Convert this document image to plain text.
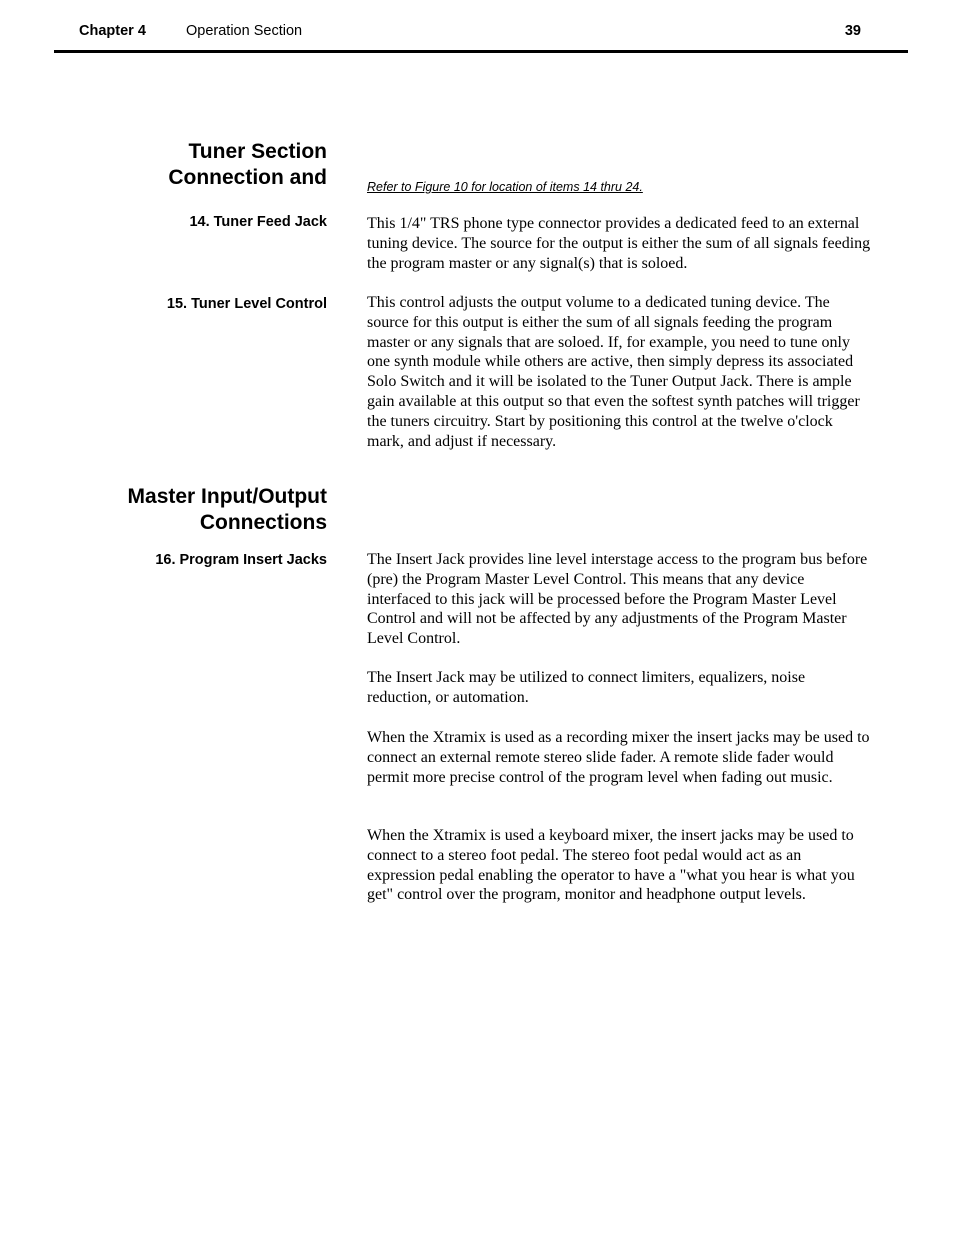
Chapter 4	Operation Section	39
Tuner Section
Connection and	Refer to Figure 10 for location of items 14 thru 24.
14. Tuner Feed Jack	This 1/4" TRS phone type connector provides a dedicated feed to an external tuning device. The source for the output is either the sum of all signals feeding the program master or any signal(s) that is soloed.

15. Tuner Level Control	This control adjusts the output volume to a dedicated tuning device. The source for this output is either the sum of all signals feeding the program master or any signals that are soloed. If, for example, you need to tune only one synth module while others are active, then simply depress its associated Solo Switch and it will be isolated to the Tuner Output Jack. There is ample gain available at this output so that even the softest synth patches will trigger the tuners circuitry. Start by positioning this control at the twelve o'clock mark, and adjust if necessary.

Master Input/Output
Connections
16. Program Insert Jacks	The Insert Jack provides line level interstage access to the program bus before (pre) the Program Master Level Control. This means that any device interfaced to this jack will be processed before the Program Master Level Control and will not be affected by any adjustments of the Program Master Level Control.

The Insert Jack may be utilized to connect limiters, equalizers, noise reduction, or automation.

When the Xtramix is used as a recording mixer the insert jacks may be used to connect an external remote stereo slide fader. A remote slide fader would permit more precise control of the program level when fading out music.

When the Xtramix is used a keyboard mixer, the insert jacks may be used to connect to a stereo foot pedal. The stereo foot pedal would act as an expression pedal enabling the operator to have a "what you hear is what you get" control over the program, monitor and headphone output levels.
